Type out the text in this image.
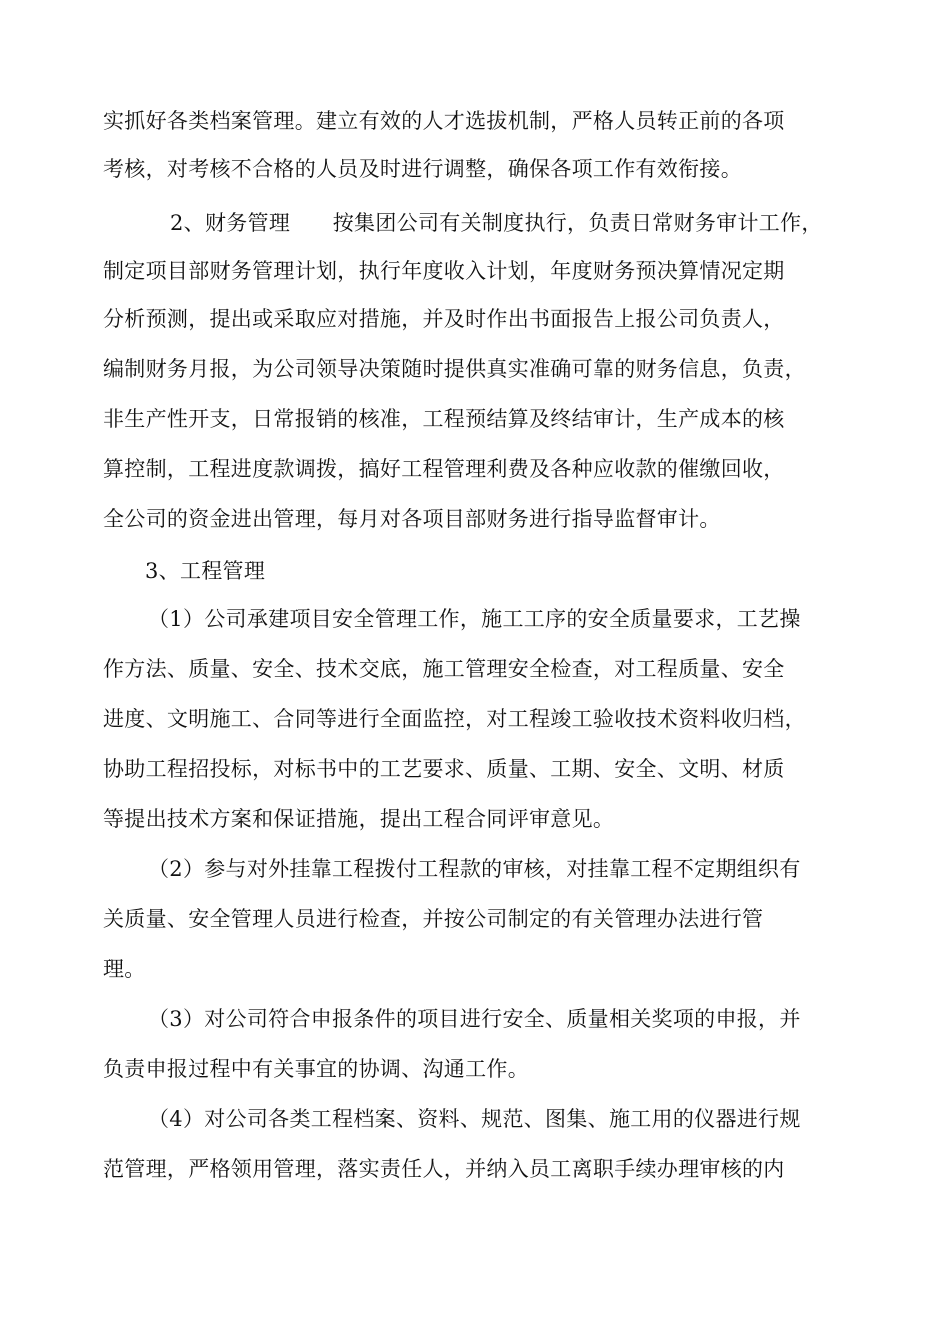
实抓好各类档案管理。建立有效的人才选拔机制，严格人员转正前的各项
考核，对考核不合格的人员及时进行调整，确保各项工作有效衔接。
2、财务管理　　按集团公司有关制度执行，负责日常财务审计工作，
制定项目部财务管理计划，执行年度收入计划，年度财务预决算情况定期
分析预测，提出或采取应对措施，并及时作出书面报告上报公司负责人，
编制财务月报，为公司领导决策随时提供真实准确可靠的财务信息，负责，
非生产性开支，日常报销的核准，工程预结算及终结审计，生产成本的核
算控制，工程进度款调拨，搞好工程管理利费及各种应收款的催缴回收，
全公司的资金进出管理，每月对各项目部财务进行指导监督审计。
3、工程管理
（1）公司承建项目安全管理工作，施工工序的安全质量要求，工艺操
作方法、质量、安全、技术交底，施工管理安全检查，对工程质量、安全
进度、文明施工、合同等进行全面监控，对工程竣工验收技术资料收归档，
协助工程招投标，对标书中的工艺要求、质量、工期、安全、文明、材质
等提出技术方案和保证措施，提出工程合同评审意见。
（2）参与对外挂靠工程拨付工程款的审核，对挂靠工程不定期组织有
关质量、安全管理人员进行检查，并按公司制定的有关管理办法进行管
理。
（3）对公司符合申报条件的项目进行安全、质量相关奖项的申报，并
负责申报过程中有关事宜的协调、沟通工作。
（4）对公司各类工程档案、资料、规范、图集、施工用的仪器进行规
范管理，严格领用管理，落实责任人，并纳入员工离职手续办理审核的内
